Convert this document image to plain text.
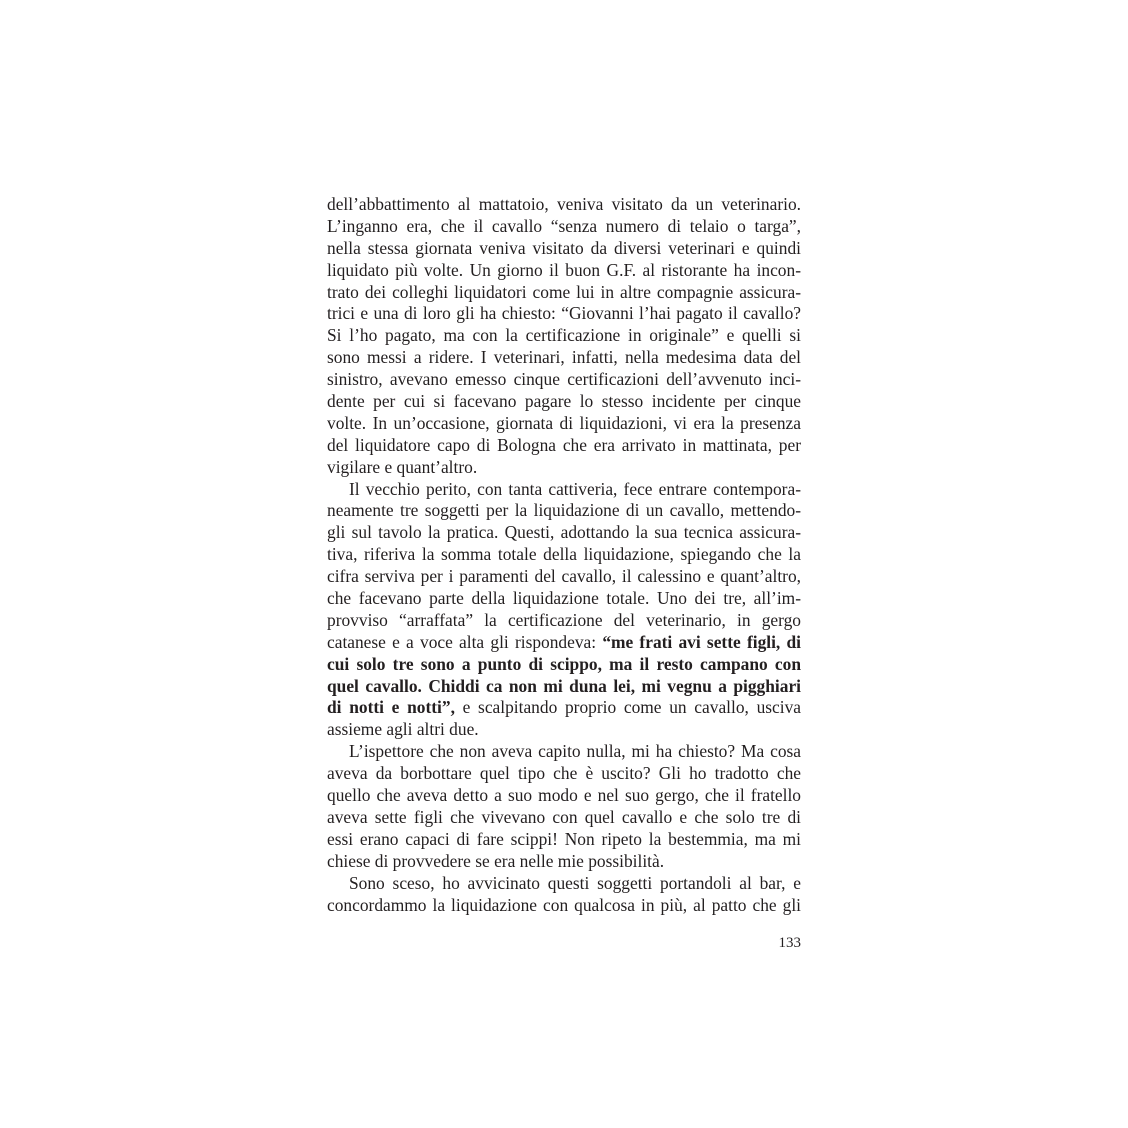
dell’abbattimento al mattatoio, veniva visitato da un veterinario.
L’inganno era, che il cavallo “senza numero di telaio o targa”,
nella stessa giornata veniva visitato da diversi veterinari e quindi
liquidato più volte. Un giorno il buon G.F. al ristorante ha incon-
trato dei colleghi liquidatori come lui in altre compagnie assicura-
trici e una di loro gli ha chiesto: “Giovanni l’hai pagato il cavallo?
Si l’ho pagato, ma con la certificazione in originale” e quelli si
sono messi a ridere. I veterinari, infatti, nella medesima data del
sinistro, avevano emesso cinque certificazioni dell’avvenuto inci-
dente per cui si facevano pagare lo stesso incidente per cinque
volte. In un’occasione, giornata di liquidazioni, vi era la presenza
del liquidatore capo di Bologna che era arrivato in mattinata, per
vigilare e quant’altro.
Il vecchio perito, con tanta cattiveria, fece entrare contempora-
neamente tre soggetti per la liquidazione di un cavallo, mettendo-
gli sul tavolo la pratica. Questi, adottando la sua tecnica assicura-
tiva, riferiva la somma totale della liquidazione, spiegando che la
cifra serviva per i paramenti del cavallo, il calessino e quant’altro,
che facevano parte della liquidazione totale. Uno dei tre, all’im-
provviso “arraffata” la certificazione del veterinario, in gergo
catanese e a voce alta gli rispondeva: “me frati avi sette figli, di
cui solo tre sono a punto di scippo, ma il resto campano con
quel cavallo. Chiddi ca non mi duna lei, mi vegnu a pigghiari
di notti e notti”, e scalpitando proprio come un cavallo, usciva
assieme agli altri due.
L’ispettore che non aveva capito nulla, mi ha chiesto? Ma cosa
aveva da borbottare quel tipo che è uscito? Gli ho tradotto che
quello che aveva detto a suo modo e nel suo gergo, che il fratello
aveva sette figli che vivevano con quel cavallo e che solo tre di
essi erano capaci di fare scippi! Non ripeto la bestemmia, ma mi
chiese di provvedere se era nelle mie possibilità.
Sono sceso, ho avvicinato questi soggetti portandoli al bar, e
concordammo la liquidazione con qualcosa in più, al patto che gli
133
